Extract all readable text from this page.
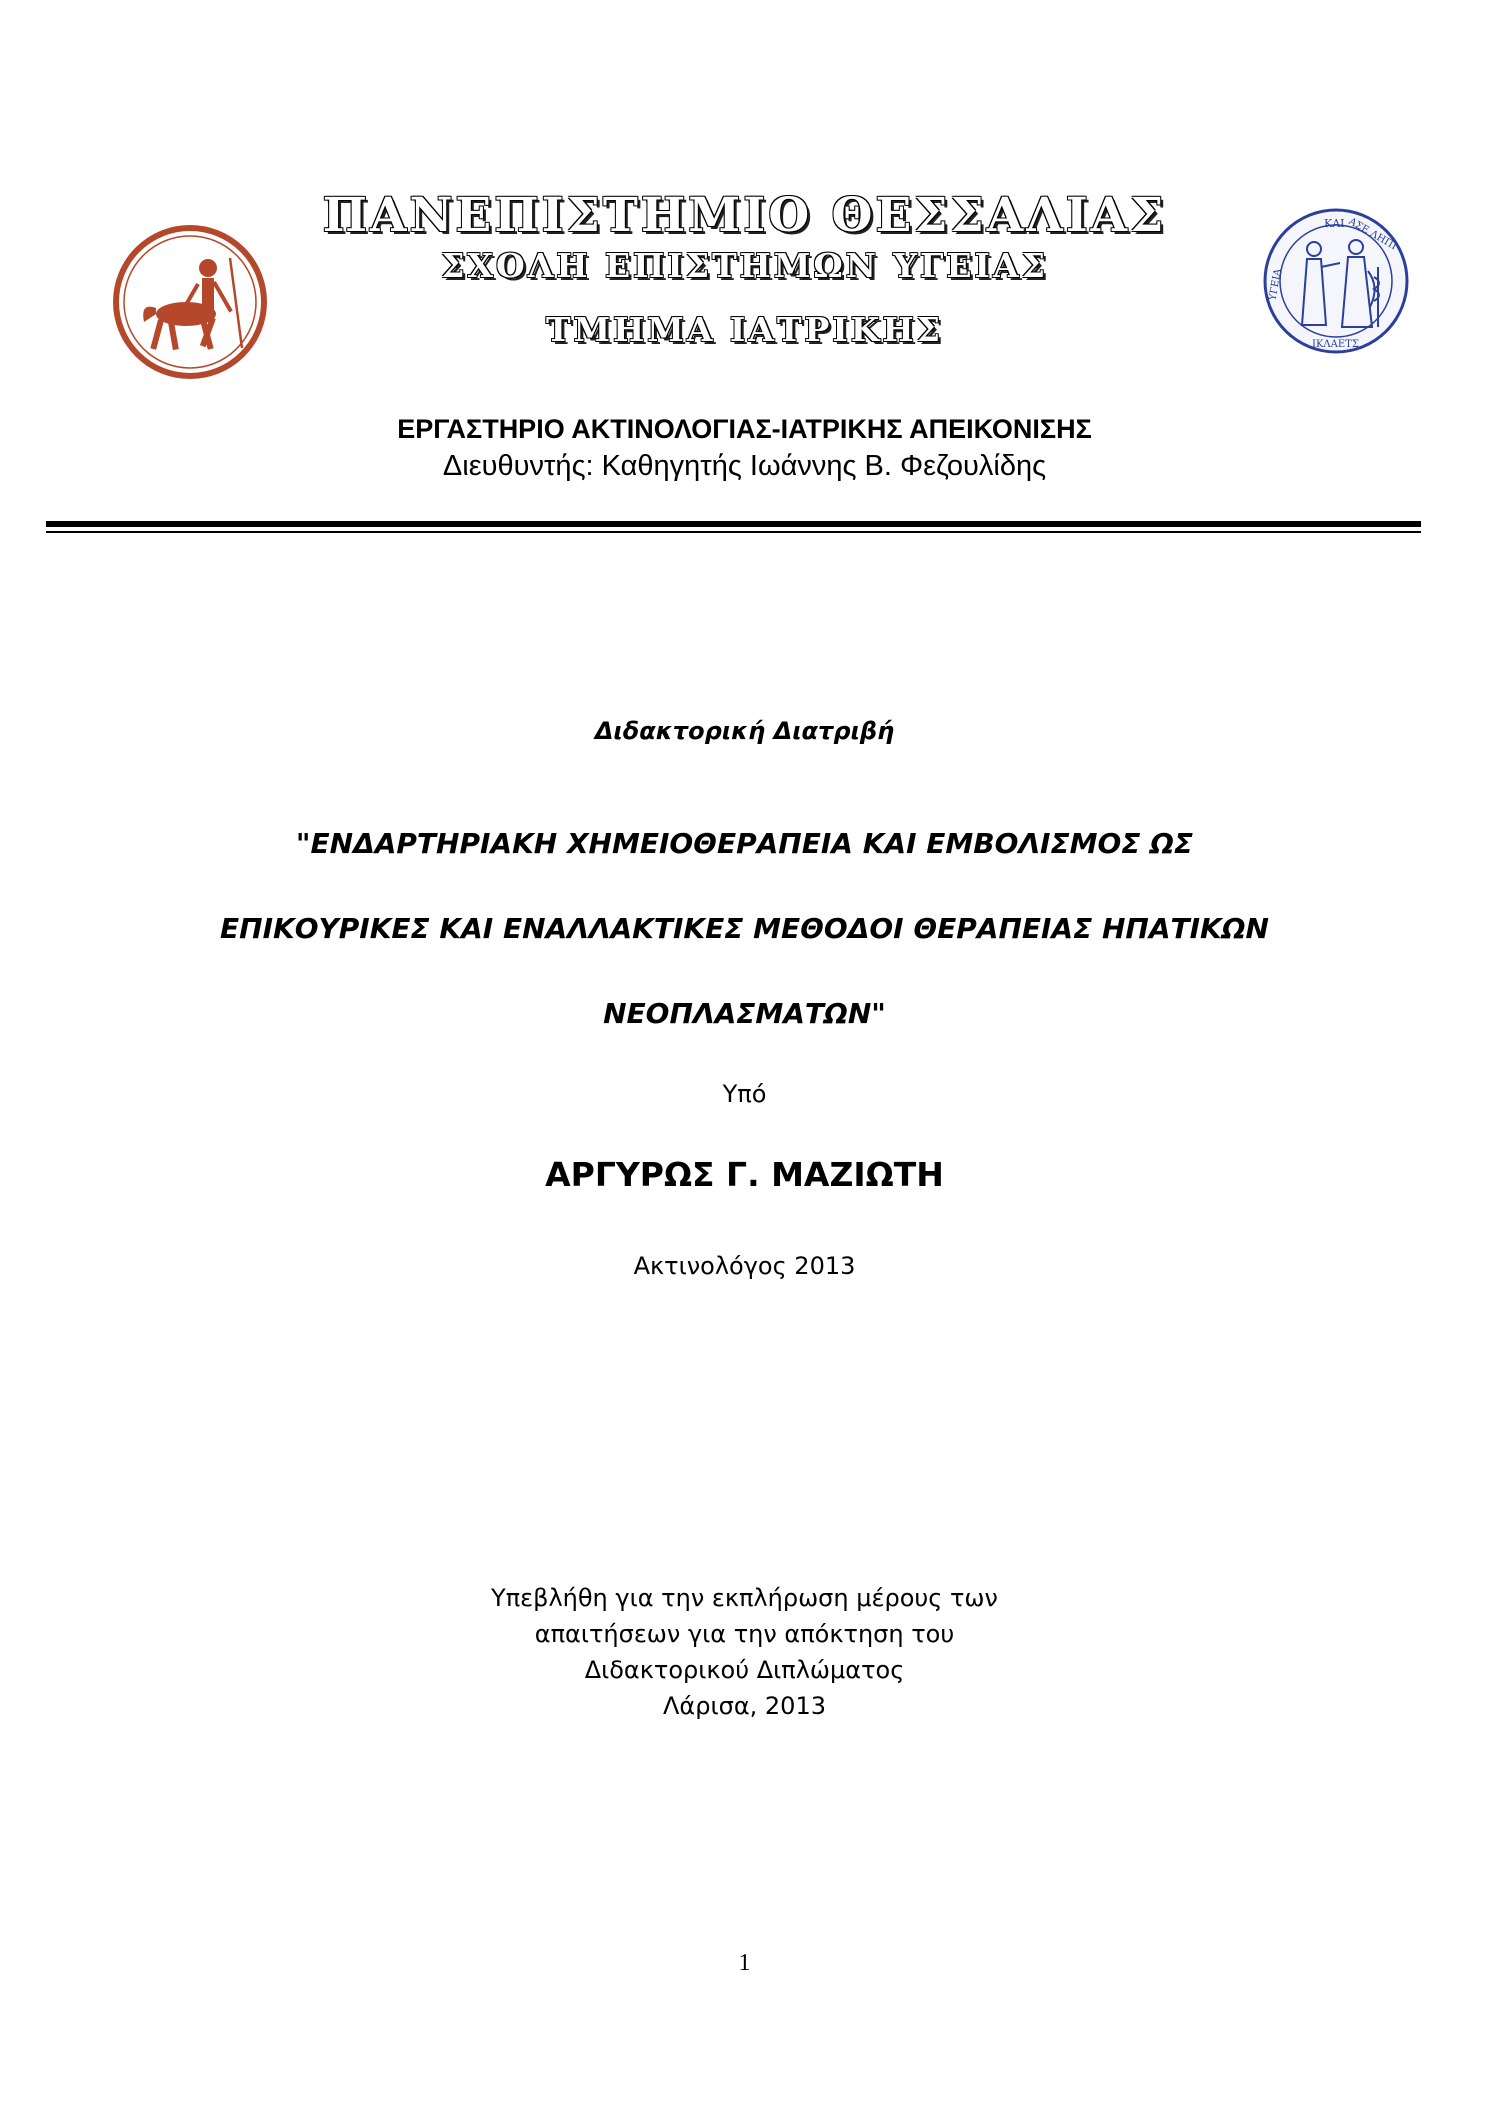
ΚΑΙ ΑΣΕ ΛΗΠΙ
ΥΓΕΙΑ
ΙΚΛΑΕΤΣ
ΠΑΝΕΠΙΣΤΗΜΙΟ ΘΕΣΣΑΛΙΑΣ
ΣΧΟΛΗ ΕΠΙΣΤΗΜΩΝ ΥΓΕΙΑΣ
ΤΜΗΜΑ ΙΑΤΡΙΚΗΣ
ΕΡΓΑΣΤΗΡΙΟ ΑΚΤΙΝΟΛΟΓΙΑΣ-ΙΑΤΡΙΚΗΣ ΑΠΕΙΚΟΝΙΣΗΣ
Διευθυντής: Καθηγητής Ιωάννης Β. Φεζουλίδης
Διδακτορική Διατριβή
"ΕΝΔΑΡΤΗΡΙΑΚΗ ΧΗΜΕΙΟΘΕΡΑΠΕΙΑ ΚΑΙ ΕΜΒΟΛΙΣΜΟΣ ΩΣ
ΕΠΙΚΟΥΡΙΚΕΣ ΚΑΙ ΕΝΑΛΛΑΚΤΙΚΕΣ ΜΕΘΟΔΟΙ ΘΕΡΑΠΕΙΑΣ ΗΠΑΤΙΚΩΝ
ΝΕΟΠΛΑΣΜΑΤΩΝ"
Υπό
ΑΡΓΥΡΩΣ Γ. ΜΑΖΙΩΤΗ
Ακτινολόγος 2013
Υπεβλήθη για την εκπλήρωση μέρους των
απαιτήσεων για την απόκτηση του
Διδακτορικού Διπλώματος
Λάρισα, 2013
1
